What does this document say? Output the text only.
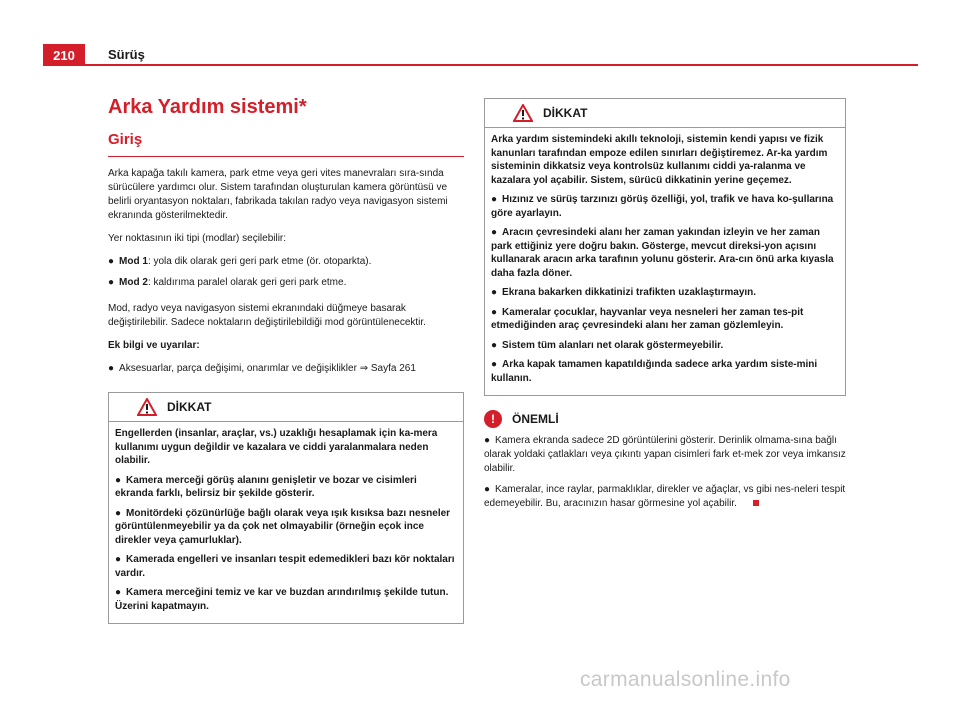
210	Sürüş
Arka Yardım sistemi*
Giriş

Arka kapağa takılı kamera, park etme veya geri vites manevraları sıra-sında sürücülere yardımcı olur. Sistem tarafından oluşturulan kamera görüntüsü ve belirli oryantasyon noktaları, fabrikada takılan radyo veya navigasyon sistemi ekranında gösterilmektedir.

Yer noktasının iki tipi (modlar) seçilebilir:

● Mod 1: yola dik olarak geri geri park etme (ör. otoparkta).
● Mod 2: kaldırıma paralel olarak geri geri park etme.

Mod, radyo veya navigasyon sistemi ekranındaki düğmeye basarak değiştirilebilir. Sadece noktaların değiştirilebildiği mod görüntülenecektir.

Ek bilgi ve uyarılar:

● Aksesuarlar, parça değişimi, onarımlar ve değişiklikler ⇒ Sayfa 261
DİKKAT

Engellerden (insanlar, araçlar, vs.) uzaklığı hesaplamak için ka-mera kullanımı uygun değildir ve kazalara ve ciddi yaralanmalara neden olabilir.

● Kamera merceği görüş alanını genişletir ve bozar ve cisimleri ekranda farklı, belirsiz bir şekilde gösterir.
● Monitördeki çözünürlüğe bağlı olarak veya ışık kısıksa bazı nesneler görüntülenmeyebilir ya da çok net olmayabilir (örneğin eçok ince direkler veya çamurluklar).
● Kamerada engelleri ve insanları tespit edemedikleri bazı kör noktaları vardır.
● Kamera merceğini temiz ve kar ve buzdan arındırılmış şekilde tutun. Üzerini kapatmayın.
DİKKAT

Arka yardım sistemindeki akıllı teknoloji, sistemin kendi yapısı ve fizik kanunları tarafından empoze edilen sınırları değiştiremez. Ar-ka yardım sisteminin dikkatsiz veya kontrolsüz kullanımı ciddi ya-ralanma ve kazalara yol açabilir. Sistem, sürücü dikkatinin yerine geçemez.

● Hızınız ve sürüş tarzınızı görüş özelliği, yol, trafik ve hava ko-şullarına göre ayarlayın.
● Aracın çevresindeki alanı her zaman yakından izleyin ve her zaman park ettiğiniz yere doğru bakın. Gösterge, mevcut direksi-yon açısını kullanarak aracın arka tarafının yolunu gösterir. Ara-cın önü arka kıyasla daha fazla döner.
● Ekrana bakarken dikkatinizi trafikten uzaklaştırmayın.
● Kameralar çocuklar, hayvanlar veya nesneleri her zaman tes-pit etmediğinden araç çevresindeki alanı her zaman gözlemleyin.
● Sistem tüm alanları net olarak göstermeyebilir.
● Arka kapak tamamen kapatıldığında sadece arka yardım siste-mini kullanın.
!	ÖNEMLİ
● Kamera ekranda sadece 2D görüntülerini gösterir. Derinlik olmama-sına bağlı olarak yoldaki çatlakları veya çıkıntı yapan cisimleri fark et-mek zor veya imkansız olabilir.
● Kameralar, ince raylar, parmaklıklar, direkler ve ağaçlar, vs gibi nes-neleri tespit edemeyebilir. Bu, aracınızın hasar görmesine yol açabilir.
carmanualsonline.info
